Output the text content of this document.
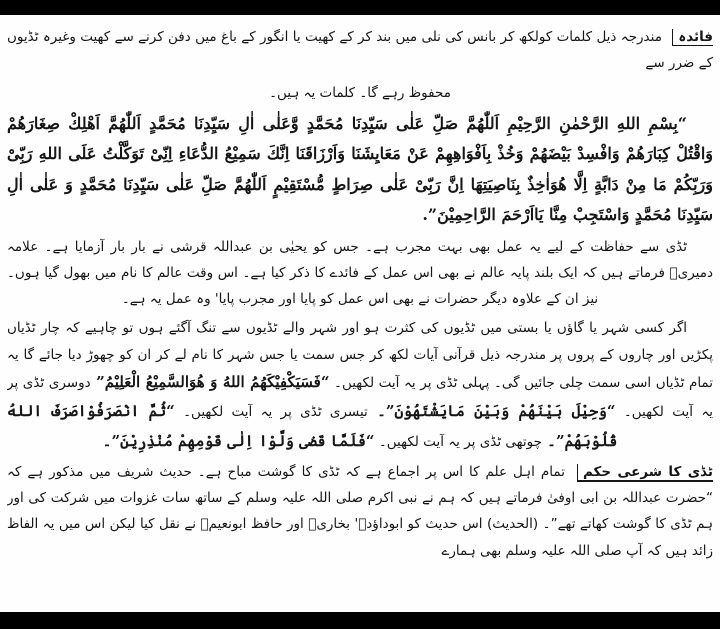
فائدہ مندرجہ ذیل کلمات کولکھ کر بانس کی نلی میں بند کر کے کھیت یا انگور کے باغ میں دفن کرنے سے کھیت وغیرہ ٹڈیوں کے ضرر سے

محفوظ رہے گا۔ کلمات یہ ہیں۔

“بِسْمِ اللهِ الرَّحْمٰنِ الرَّحِيْمِ اَللّٰهُمَّ صَلِّ عَلٰى سَيِّدِنَا مُحَمَّدٍ وَّعَلٰى اٰلِ سَيِّدِنَا مُحَمَّدٍ اَللّٰهُمَّ اَهْلِكْ صِغَارَهُمْ وَاقْتُلْ كِبَارَهُمْ وَافْسِدْ بَيْضَهُمْ وَخُذْ بِاَفْوَاهِهِمْ عَنْ مَعَايِشَنَا وَاَرْزَاقَنَا اِنَّكَ سَمِيْعُ الدُّعَاءِ اِنِّىْ تَوَكَّلْتُ عَلَى اللهِ رَبِّىْ وَرَبِّكُمْ مَا مِنْ دَابَّةٍ اِلَّا هُوَاٰخِذٌ بِنَاصِيَتِهَا اِنَّ رَبِّىْ عَلٰى صِرَاطٍ مُّسْتَقِيْمٍ اَللّٰهُمَّ صَلِّ عَلٰى سَيِّدِنَا مُحَمَّدٍ وَ عَلٰى اٰلِ سَيِّدِنَا مُحَمَّدٍ وَاسْتَجِبْ مِنَّا يَااَرْحَمَ الرَّاحِمِيْنَ”.

ٹڈی سے حفاظت کے لیے یہ عمل بھی بہت مجرب ہے۔ جس کو یحیٰی بن عبداللہ قرشی نے بار بار آزمایا ہے۔ علامہ دمیریؒ فرماتے ہیں کہ ایک بلند پایہ عالم نے بھی اس عمل کے فائدے کا ذکر کیا ہے۔ اس وقت عالم کا نام میں بھول گیا ہوں۔ نیز ان کے علاوہ دیگر حضرات نے بھی اس عمل کو پایا اور مجرب پایا' وہ عمل یہ ہے۔

اگر کسی شہر یا گاؤں یا بستی میں ٹڈیوں کی کثرت ہو اور شہر والے ٹڈیوں سے تنگ آگئے ہوں تو چاہیے کہ چار ٹڈیاں پکڑیں اور چاروں کے پروں پر مندرجہ ذیل قرآنی آیات لکھ کر جس سمت یا جس شہر کا نام لے کر ان کو چھوڑ دیا جائے گا یہ تمام ٹڈیاں اسی سمت چلی جائیں گی۔ پہلی ٹڈی پر یہ آیت لکھیں۔ “فَسَيَكْفِيْكَهُمُ اللهُ وَ هُوَالسَّمِيْعُ الْعَلِيْمُ” دوسری ٹڈی پر یہ آیت لکھیں۔ “وَحِيْلَ بَيْنَهُمْ وَبَيْنَ مَايَشْتَهُوْنَ”۔ تیسری ٹڈی پر یہ آیت لکھیں۔ “ثُمَّ انْصَرَفُوْاصَرَفَ اللهُ قُلُوْبَهُمْ”۔ چوتھی ٹڈی پر یہ آیت لکھیں۔ “فَلَمَّا قَضٰى وَلَّوْا اِلٰى قَوْمِهِمْ مُنْذِرِيْنَ”۔

ٹڈی کا شرعی حکم تمام اہل علم کا اس پر اجماع ہے کہ ٹڈی کا گوشت مباح ہے۔ حدیث شریف میں مذکور ہے کہ “حضرت عبداللہ بن ابی اوفیٰ فرماتے ہیں کہ ہم نے نبی اکرم صلی اللہ علیہ وسلم کے ساتھ سات غزوات میں شرکت کی اور ہم ٹڈی کا گوشت کھاتے تھے”۔ (الحدیث) اس حدیث کو ابوداؤدؒ' بخاریؒ اور حافظ ابونعیمؒ نے نقل کیا لیکن اس میں یہ الفاظ زائد ہیں کہ آپ صلی اللہ علیہ وسلم بھی ہمارے
